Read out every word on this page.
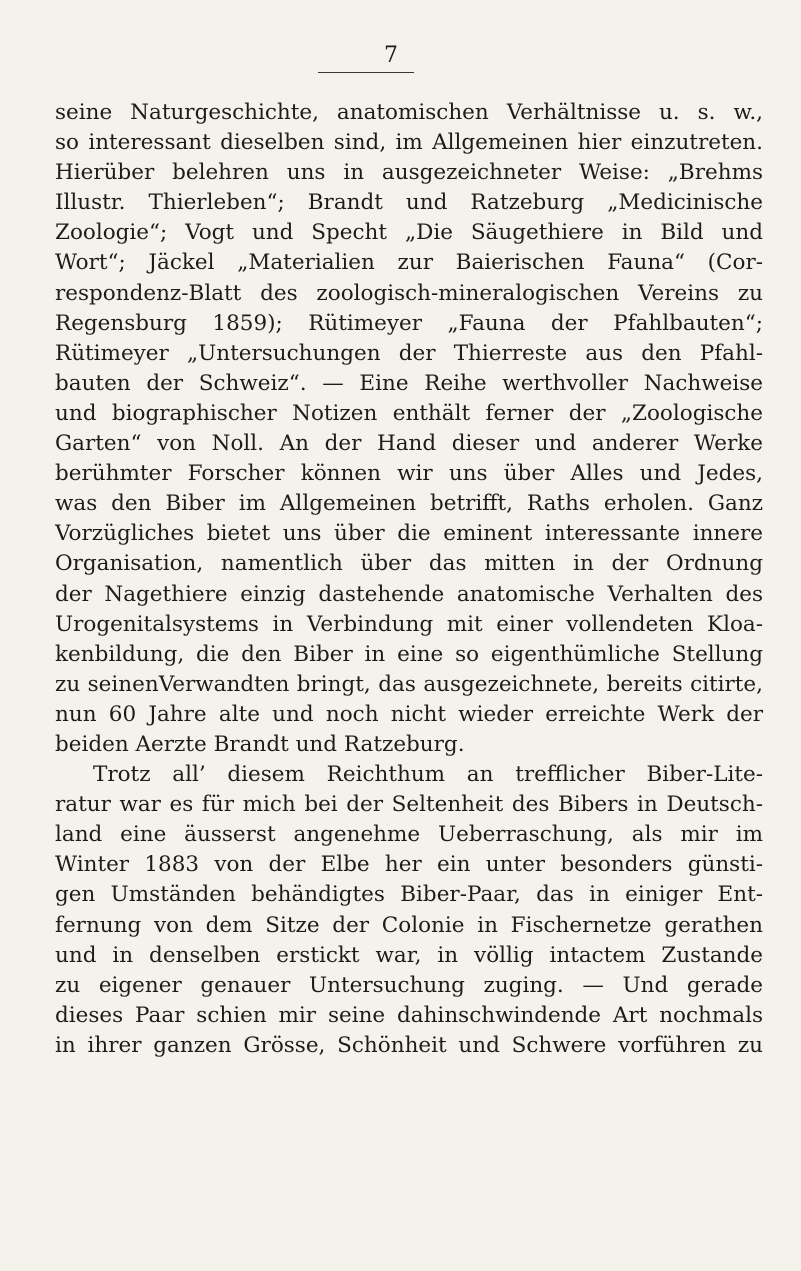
7
seine Naturgeschichte, anatomischen Verhältnisse u. s. w.,
so interessant dieselben sind, im Allgemeinen hier einzutreten.
Hierüber belehren uns in ausgezeichneter Weise: „Brehms
Illustr. Thierleben“; Brandt und Ratzeburg „Medicinische
Zoologie“; Vogt und Specht „Die Säugethiere in Bild und
Wort“; Jäckel „Materialien zur Baierischen Fauna“ (Cor-
respondenz-Blatt des zoologisch-mineralogischen Vereins zu
Regensburg 1859); Rütimeyer „Fauna der Pfahlbauten“;
Rütimeyer „Untersuchungen der Thierreste aus den Pfahl-
bauten der Schweiz“. — Eine Reihe werthvoller Nachweise
und biographischer Notizen enthält ferner der „Zoologische
Garten“ von Noll. An der Hand dieser und anderer Werke
berühmter Forscher können wir uns über Alles und Jedes,
was den Biber im Allgemeinen betrifft, Raths erholen. Ganz
Vorzügliches bietet uns über die eminent interessante innere
Organisation, namentlich über das mitten in der Ordnung
der Nagethiere einzig dastehende anatomische Verhalten des
Urogenitalsystems in Verbindung mit einer vollendeten Kloa-
kenbildung, die den Biber in eine so eigenthümliche Stellung
zu seinenVerwandten bringt, das ausgezeichnete, bereits citirte,
nun 60 Jahre alte und noch nicht wieder erreichte Werk der
beiden Aerzte Brandt und Ratzeburg.
Trotz all’ diesem Reichthum an trefflicher Biber-Lite-
ratur war es für mich bei der Seltenheit des Bibers in Deutsch-
land eine äusserst angenehme Ueberraschung, als mir im
Winter 1883 von der Elbe her ein unter besonders günsti-
gen Umständen behändigtes Biber-Paar, das in einiger Ent-
fernung von dem Sitze der Colonie in Fischernetze gerathen
und in denselben erstickt war, in völlig intactem Zustande
zu eigener genauer Untersuchung zuging. — Und gerade
dieses Paar schien mir seine dahinschwindende Art nochmals
in ihrer ganzen Grösse, Schönheit und Schwere vorführen zu
